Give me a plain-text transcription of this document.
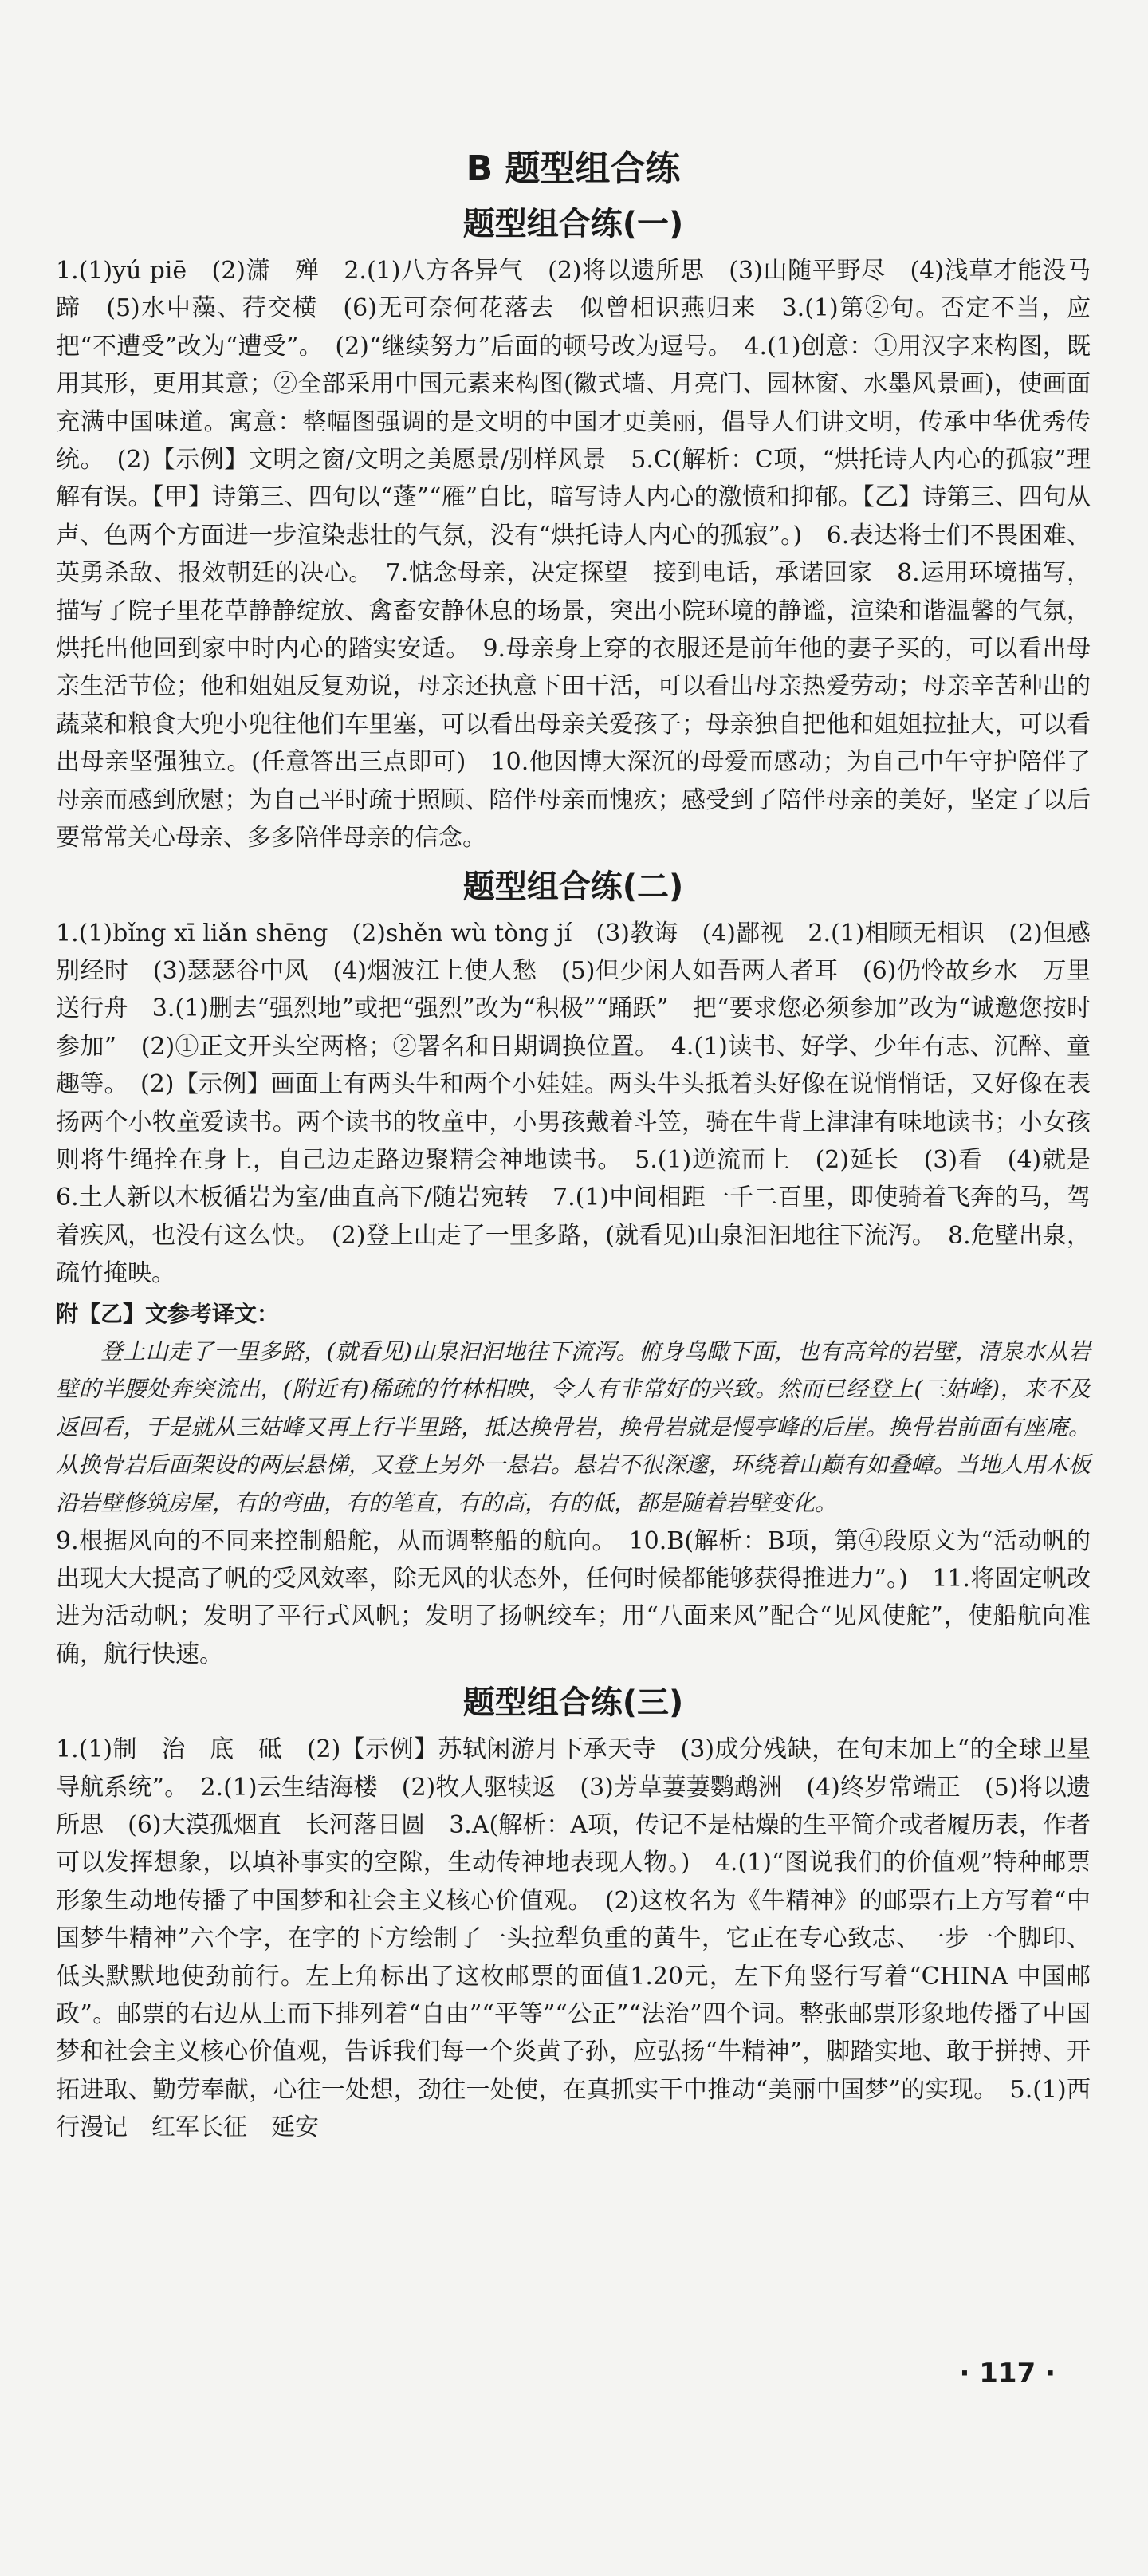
B 题型组合练
题型组合练(一)

1.(1)yú piē　(2)潇　殚　2.(1)八方各异气　(2)将以遗所思　(3)山随平野尽　(4)浅草才能没马蹄　(5)水中藻、荇交横　(6)无可奈何花落去　似曾相识燕归来　3.(1)第②句。否定不当，应把“不遭受”改为“遭受”。　(2)“继续努力”后面的顿号改为逗号。　4.(1)创意：①用汉字来构图，既用其形，更用其意；②全部采用中国元素来构图(徽式墙、月亮门、园林窗、水墨风景画)，使画面充满中国味道。寓意：整幅图强调的是文明的中国才更美丽，倡导人们讲文明，传承中华优秀传统。　(2)【示例】文明之窗/文明之美愿景/别样风景　5.C(解析：C项，“烘托诗人内心的孤寂”理解有误。【甲】诗第三、四句以“蓬”“雁”自比，暗写诗人内心的激愤和抑郁。【乙】诗第三、四句从声、色两个方面进一步渲染悲壮的气氛，没有“烘托诗人内心的孤寂”。)　6.表达将士们不畏困难、英勇杀敌、报效朝廷的决心。　7.惦念母亲，决定探望　接到电话，承诺回家　8.运用环境描写，描写了院子里花草静静绽放、禽畜安静休息的场景，突出小院环境的静谧，渲染和谐温馨的气氛，烘托出他回到家中时内心的踏实安适。　9.母亲身上穿的衣服还是前年他的妻子买的，可以看出母亲生活节俭；他和姐姐反复劝说，母亲还执意下田干活，可以看出母亲热爱劳动；母亲辛苦种出的蔬菜和粮食大兜小兜往他们车里塞，可以看出母亲关爱孩子；母亲独自把他和姐姐拉扯大，可以看出母亲坚强独立。(任意答出三点即可)　10.他因博大深沉的母爱而感动；为自己中午守护陪伴了母亲而感到欣慰；为自己平时疏于照顾、陪伴母亲而愧疚；感受到了陪伴母亲的美好，坚定了以后要常常关心母亲、多多陪伴母亲的信念。

题型组合练(二)

1.(1)bǐng xī liǎn shēng　(2)shěn wù tòng jí　(3)教诲　(4)鄙视　2.(1)相顾无相识　(2)但感别经时　(3)瑟瑟谷中风　(4)烟波江上使人愁　(5)但少闲人如吾两人者耳　(6)仍怜故乡水　万里送行舟　3.(1)删去“强烈地”或把“强烈”改为“积极”“踊跃”　把“要求您必须参加”改为“诚邀您按时参加”　(2)①正文开头空两格；②署名和日期调换位置。　4.(1)读书、好学、少年有志、沉醉、童趣等。　(2)【示例】画面上有两头牛和两个小娃娃。两头牛头抵着头好像在说悄悄话，又好像在表扬两个小牧童爱读书。两个读书的牧童中，小男孩戴着斗笠，骑在牛背上津津有味地读书；小女孩则将牛绳拴在身上，自己边走路边聚精会神地读书。　5.(1)逆流而上　(2)延长　(3)看　(4)就是　6.土人新以木板循岩为室/曲直高下/随岩宛转　7.(1)中间相距一千二百里，即使骑着飞奔的马，驾着疾风，也没有这么快。　(2)登上山走了一里多路，(就看见)山泉汩汩地往下流泻。　8.危壁出泉，疏竹掩映。

附【乙】文参考译文：

登上山走了一里多路，(就看见)山泉汩汩地往下流泻。俯身鸟瞰下面，也有高耸的岩壁，清泉水从岩壁的半腰处奔突流出，(附近有)稀疏的竹林相映，令人有非常好的兴致。然而已经登上(三姑峰)，来不及返回看，于是就从三姑峰又再上行半里路，抵达换骨岩，换骨岩就是慢亭峰的后崖。换骨岩前面有座庵。从换骨岩后面架设的两层悬梯，又登上另外一悬岩。悬岩不很深邃，环绕着山巅有如叠嶂。当地人用木板沿岩壁修筑房屋，有的弯曲，有的笔直，有的高，有的低，都是随着岩壁变化。

9.根据风向的不同来控制船舵，从而调整船的航向。　10.B(解析：B项，第④段原文为“活动帆的出现大大提高了帆的受风效率，除无风的状态外，任何时候都能够获得推进力”。)　11.将固定帆改进为活动帆；发明了平行式风帆；发明了扬帆绞车；用“八面来风”配合“见风使舵”，使船航向准确，航行快速。

题型组合练(三)

1.(1)制　治　底　砥　(2)【示例】苏轼闲游月下承天寺　(3)成分残缺，在句末加上“的全球卫星导航系统”。　2.(1)云生结海楼　(2)牧人驱犊返　(3)芳草萋萋鹦鹉洲　(4)终岁常端正　(5)将以遗所思　(6)大漠孤烟直　长河落日圆　3.A(解析：A项，传记不是枯燥的生平简介或者履历表，作者可以发挥想象，以填补事实的空隙，生动传神地表现人物。)　4.(1)“图说我们的价值观”特种邮票形象生动地传播了中国梦和社会主义核心价值观。　(2)这枚名为《牛精神》的邮票右上方写着“中国梦牛精神”六个字，在字的下方绘制了一头拉犁负重的黄牛，它正在专心致志、一步一个脚印、低头默默地使劲前行。左上角标出了这枚邮票的面值1.20元，左下角竖行写着“CHINA 中国邮政”。邮票的右边从上而下排列着“自由”“平等”“公正”“法治”四个词。整张邮票形象地传播了中国梦和社会主义核心价值观，告诉我们每一个炎黄子孙，应弘扬“牛精神”，脚踏实地、敢于拼搏、开拓进取、勤劳奉献，心往一处想，劲往一处使，在真抓实干中推动“美丽中国梦”的实现。　5.(1)西行漫记　红军长征　延安

· 117 ·
